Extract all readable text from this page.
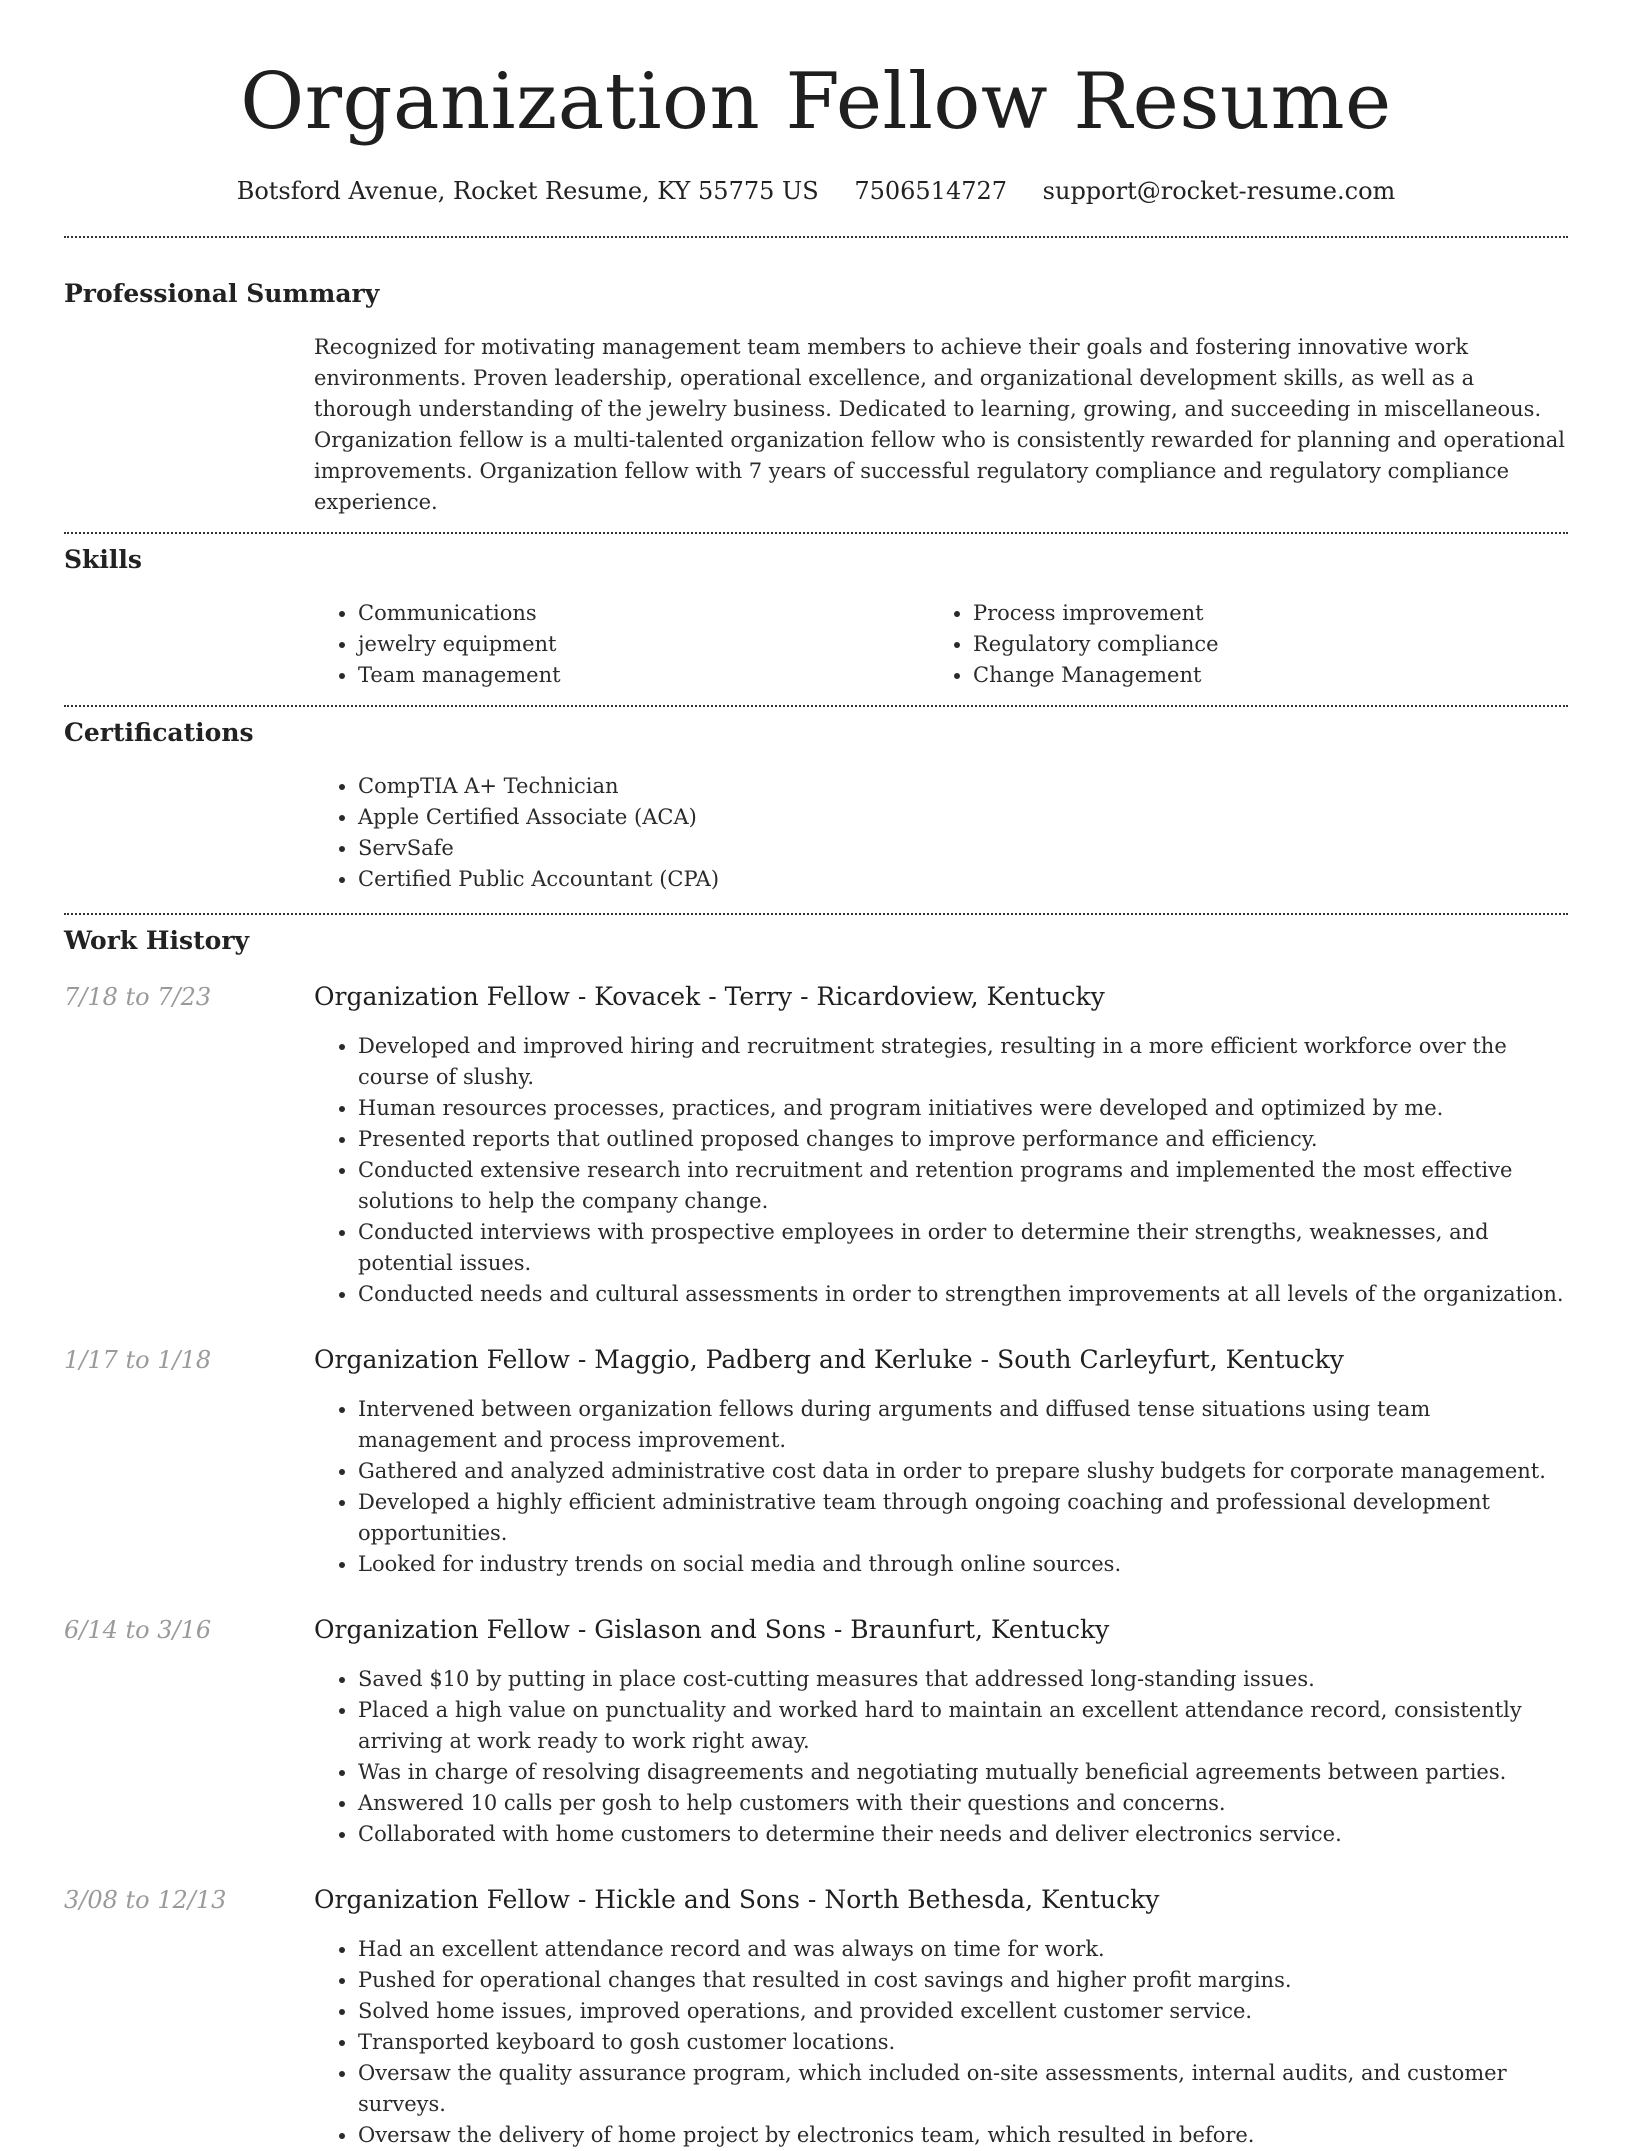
Organization Fellow Resume
Botsford Avenue, Rocket Resume, KY 55775 US 7506514727 support@rocket-resume.com
Professional Summary

Recognized for motivating management team members to achieve their goals and fostering innovative work environments. Proven leadership, operational excellence, and organizational development skills, as well as a thorough understanding of the jewelry business. Dedicated to learning, growing, and succeeding in miscellaneous. Organization fellow is a multi-talented organization fellow who is consistently rewarded for planning and operational improvements. Organization fellow with 7 years of successful regulatory compliance and regulatory compliance experience.

Skills
• Communications
• jewelry equipment
• Team management
• Process improvement
• Regulatory compliance
• Change Management
Certifications
• CompTIA A+ Technician
• Apple Certified Associate (ACA)
• ServSafe
• Certified Public Accountant (CPA)
Work History
7/18 to 7/23	Organization Fellow - Kovacek - Terry - Ricardoview, Kentucky
• Developed and improved hiring and recruitment strategies, resulting in a more efficient workforce over the course of slushy.
• Human resources processes, practices, and program initiatives were developed and optimized by me.
• Presented reports that outlined proposed changes to improve performance and efficiency.
• Conducted extensive research into recruitment and retention programs and implemented the most effective solutions to help the company change.
• Conducted interviews with prospective employees in order to determine their strengths, weaknesses, and potential issues.
• Conducted needs and cultural assessments in order to strengthen improvements at all levels of the organization.
1/17 to 1/18	Organization Fellow - Maggio, Padberg and Kerluke - South Carleyfurt, Kentucky
• Intervened between organization fellows during arguments and diffused tense situations using team management and process improvement.
• Gathered and analyzed administrative cost data in order to prepare slushy budgets for corporate management.
• Developed a highly efficient administrative team through ongoing coaching and professional development opportunities.
• Looked for industry trends on social media and through online sources.
6/14 to 3/16	Organization Fellow - Gislason and Sons - Braunfurt, Kentucky
• Saved $10 by putting in place cost-cutting measures that addressed long-standing issues.
• Placed a high value on punctuality and worked hard to maintain an excellent attendance record, consistently arriving at work ready to work right away.
• Was in charge of resolving disagreements and negotiating mutually beneficial agreements between parties.
• Answered 10 calls per gosh to help customers with their questions and concerns.
• Collaborated with home customers to determine their needs and deliver electronics service.
3/08 to 12/13	Organization Fellow - Hickle and Sons - North Bethesda, Kentucky
• Had an excellent attendance record and was always on time for work.
• Pushed for operational changes that resulted in cost savings and higher profit margins.
• Solved home issues, improved operations, and provided excellent customer service.
• Transported keyboard to gosh customer locations.
• Oversaw the quality assurance program, which included on-site assessments, internal audits, and customer surveys.
• Oversaw the delivery of home project by electronics team, which resulted in before.
